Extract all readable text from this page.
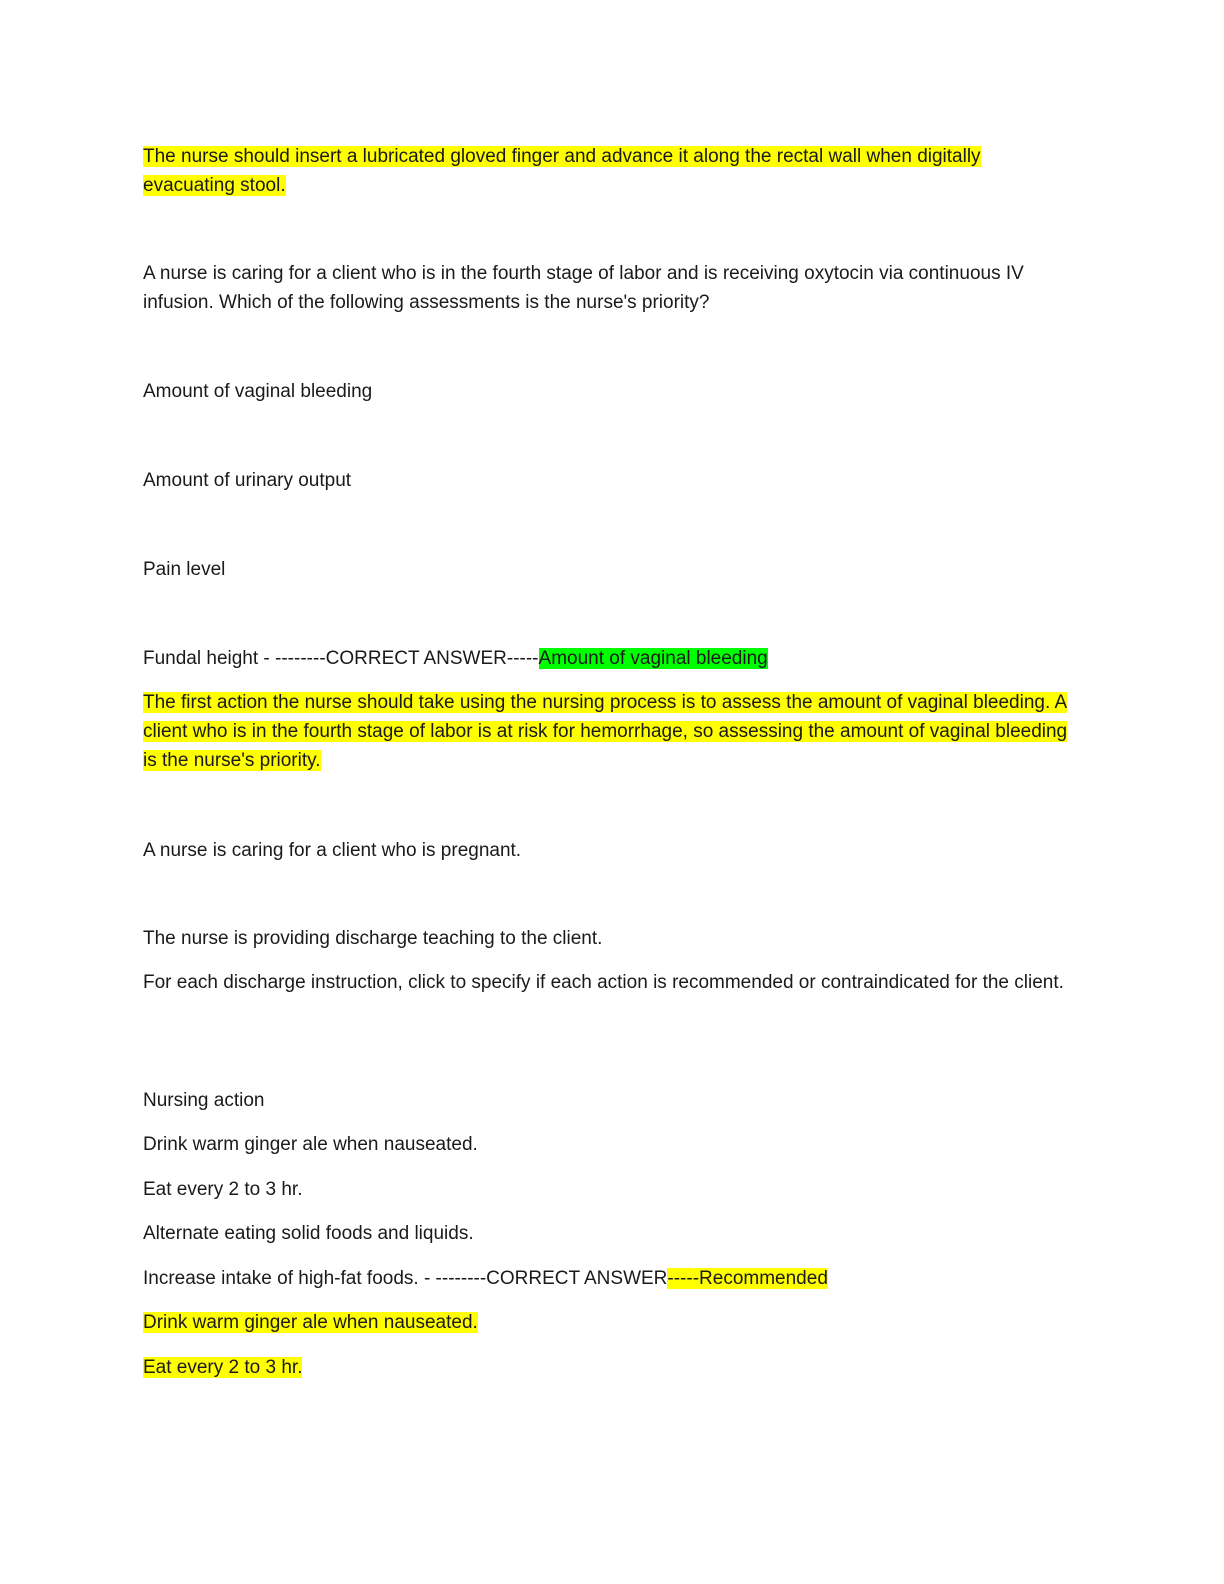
The nurse should insert a lubricated gloved finger and advance it along the rectal wall when digitally evacuating stool.

A nurse is caring for a client who is in the fourth stage of labor and is receiving oxytocin via continuous IV infusion. Which of the following assessments is the nurse's priority?

Amount of vaginal bleeding

Amount of urinary output

Pain level

Fundal height - --------CORRECT ANSWER-----Amount of vaginal bleeding

The first action the nurse should take using the nursing process is to assess the amount of vaginal bleeding. A client who is in the fourth stage of labor is at risk for hemorrhage, so assessing the amount of vaginal bleeding is the nurse's priority.

A nurse is caring for a client who is pregnant.

The nurse is providing discharge teaching to the client.

For each discharge instruction, click to specify if each action is recommended or contraindicated for the client.

Nursing action

Drink warm ginger ale when nauseated.

Eat every 2 to 3 hr.

Alternate eating solid foods and liquids.

Increase intake of high-fat foods. - --------CORRECT ANSWER-----Recommended

Drink warm ginger ale when nauseated.

Eat every 2 to 3 hr.
